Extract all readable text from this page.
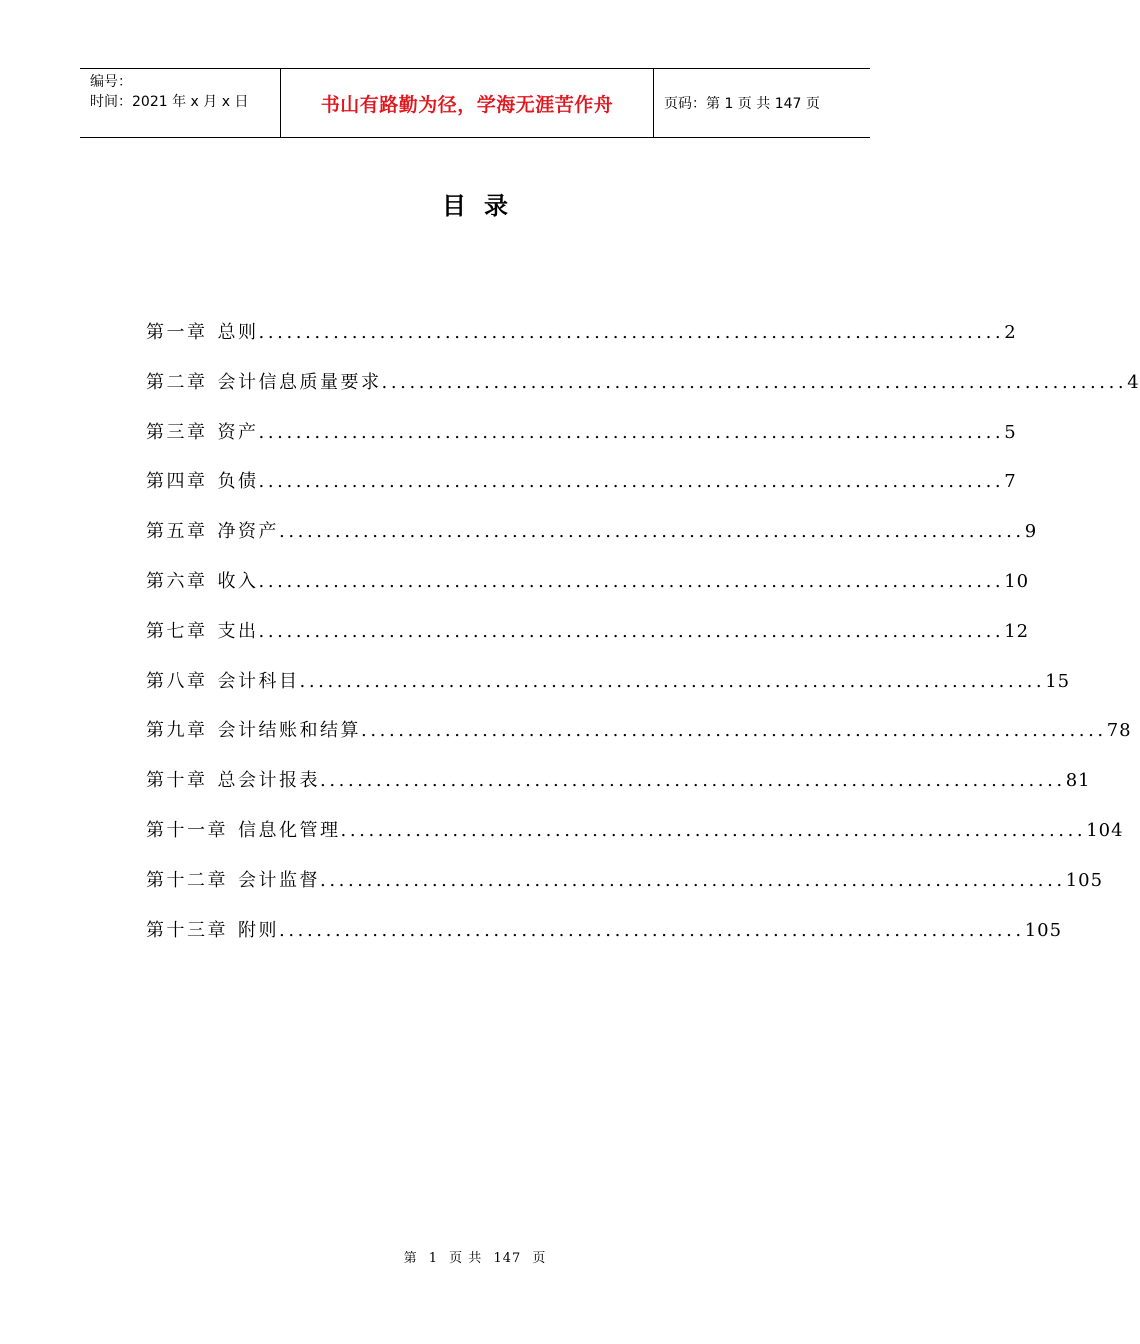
编号：
时间：2021 年 x 月 x 日	书山有路勤为径，学海无涯苦作舟	页码：第 1 页 共 147 页
目录
第一章 总则 ................................................................................ 2
第二章 会计信息质量要求 ................................................................................ 4
第三章 资产 ................................................................................ 5
第四章 负债 ................................................................................ 7
第五章 净资产 ................................................................................ 9
第六章 收入 ................................................................................ 10
第七章 支出 ................................................................................ 12
第八章 会计科目 ................................................................................ 15
第九章 会计结账和结算 ................................................................................ 78
第十章 总会计报表 ................................................................................ 81
第十一章 信息化管理 ................................................................................ 104
第十二章 会计监督 ................................................................................ 105
第十三章 附则 ................................................................................ 105
第 1 页 共 147 页
